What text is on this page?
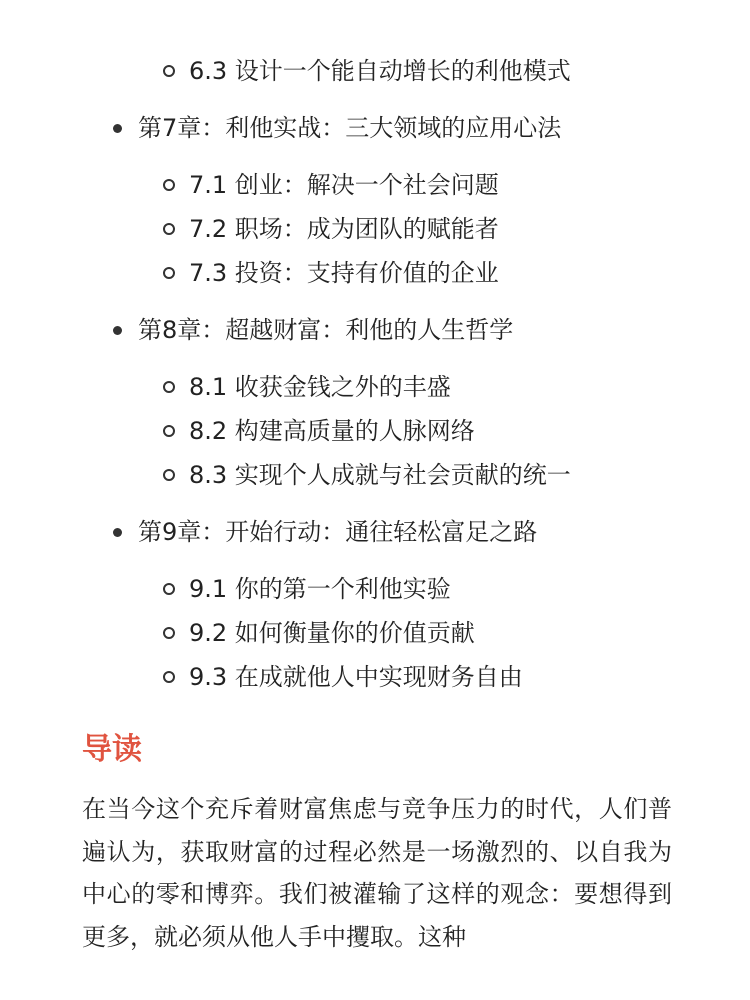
6.3 设计一个能自动增长的利他模式
第7章：利他实战：三大领域的应用心法
7.1 创业：解决一个社会问题
7.2 职场：成为团队的赋能者
7.3 投资：支持有价值的企业
第8章：超越财富：利他的人生哲学
8.1 收获金钱之外的丰盛
8.2 构建高质量的人脉网络
8.3 实现个人成就与社会贡献的统一
第9章：开始行动：通往轻松富足之路
9.1 你的第一个利他实验
9.2 如何衡量你的价值贡献
9.3 在成就他人中实现财务自由
导读
在当今这个充斥着财富焦虑与竞争压力的时代，人们普遍认为，获取财富的过程必然是一场激烈的、以自我为中心的零和博弈。我们被灌输了这样的观念：要想得到更多，就必须从他人手中攫取。这种
